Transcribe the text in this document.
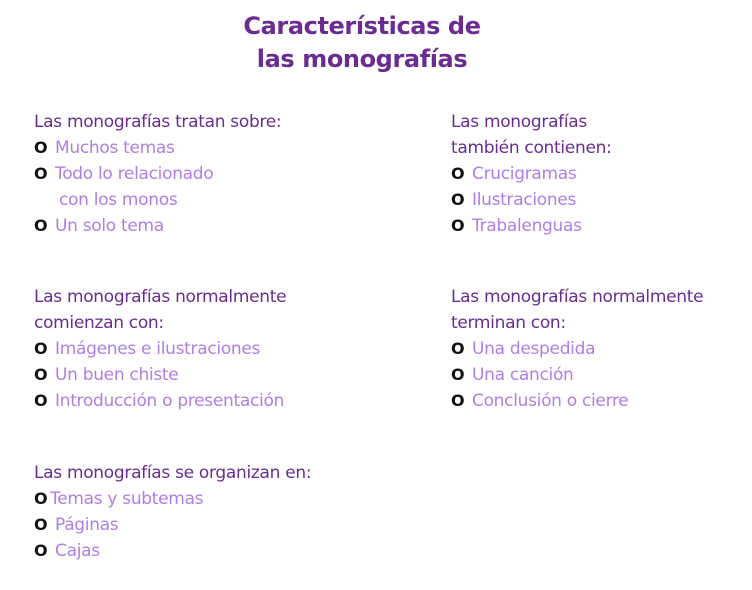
Características de
las monografías
Las monografías tratan sobre:
O Muchos temas
O Todo lo relacionado
con los monos
O Un solo tema
Las monografías
también contienen:
O Crucigramas
O Ilustraciones
O Trabalenguas
Las monografías normalmente
comienzan con:
O Imágenes e ilustraciones
O Un buen chiste
O Introducción o presentación
Las monografías normalmente
terminan con:
O Una despedida
O Una canción
O Conclusión o cierre
Las monografías se organizan en:
O Temas y subtemas
O Páginas
O Cajas
